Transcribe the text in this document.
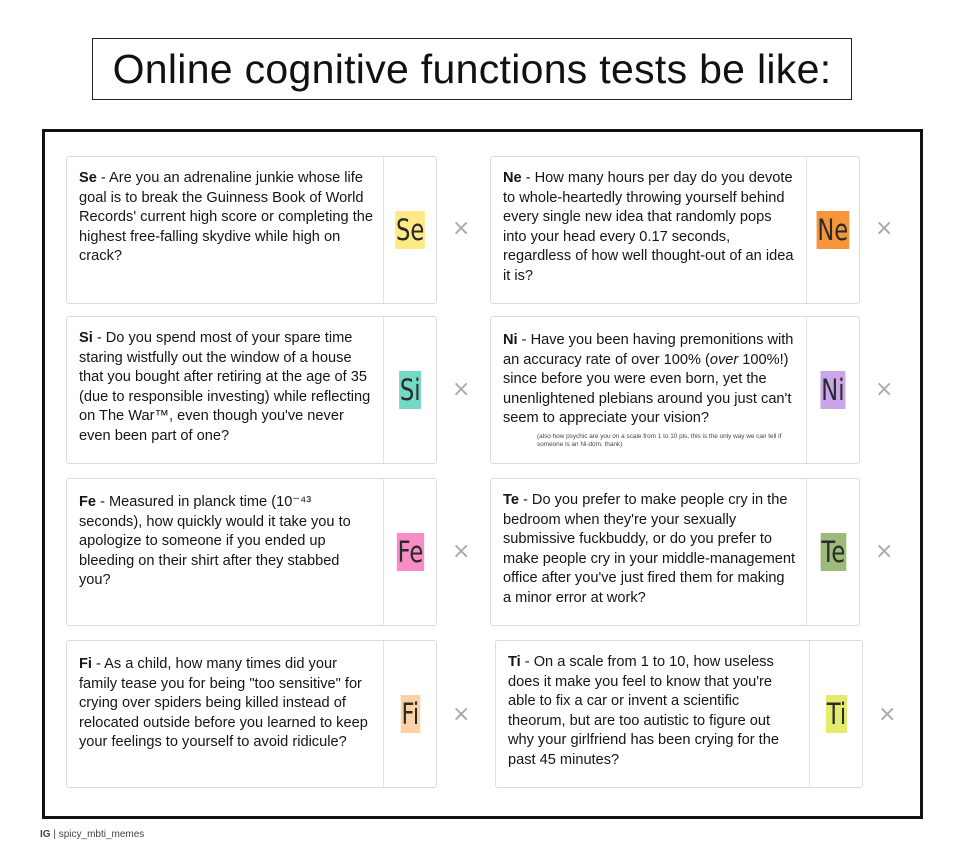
Online cognitive functions tests be like:
Se - Are you an adrenaline junkie whose life goal is to break the Guinness Book of World Records' current high score or completing the highest free-falling skydive while high on crack?
Se ×
Ne - How many hours per day do you devote to whole-heartedly throwing yourself behind every single new idea that randomly pops into your head every 0.17 seconds, regardless of how well thought-out of an idea it is?
Ne ×
Si - Do you spend most of your spare time staring wistfully out the window of a house that you bought after retiring at the age of 35 (due to responsible investing) while reflecting on The War™, even though you've never even been part of one?
Si ×
Ni - Have you been having premonitions with an accuracy rate of over 100% (over 100%!) since before you were even born, yet the unenlightened plebians around you just can't seem to appreciate your vision?
(also how psychic are you on a scale from 1 to 10 pls, this is the only way we can tell if someone is an Ni-dom. thank)
Ni ×
Fe - Measured in planck time (10⁻⁴³ seconds), how quickly would it take you to apologize to someone if you ended up bleeding on their shirt after they stabbed you?
Fe ×
Te - Do you prefer to make people cry in the bedroom when they're your sexually submissive fuckbuddy, or do you prefer to make people cry in your middle-management office after you've just fired them for making a minor error at work?
Te ×
Fi - As a child, how many times did your family tease you for being "too sensitive" for crying over spiders being killed instead of relocated outside before you learned to keep your feelings to yourself to avoid ridicule?
Fi ×
Ti - On a scale from 1 to 10, how useless does it make you feel to know that you're able to fix a car or invent a scientific theorum, but are too autistic to figure out why your girlfriend has been crying for the past 45 minutes?
Ti ×
IG | spicy_mbti_memes
